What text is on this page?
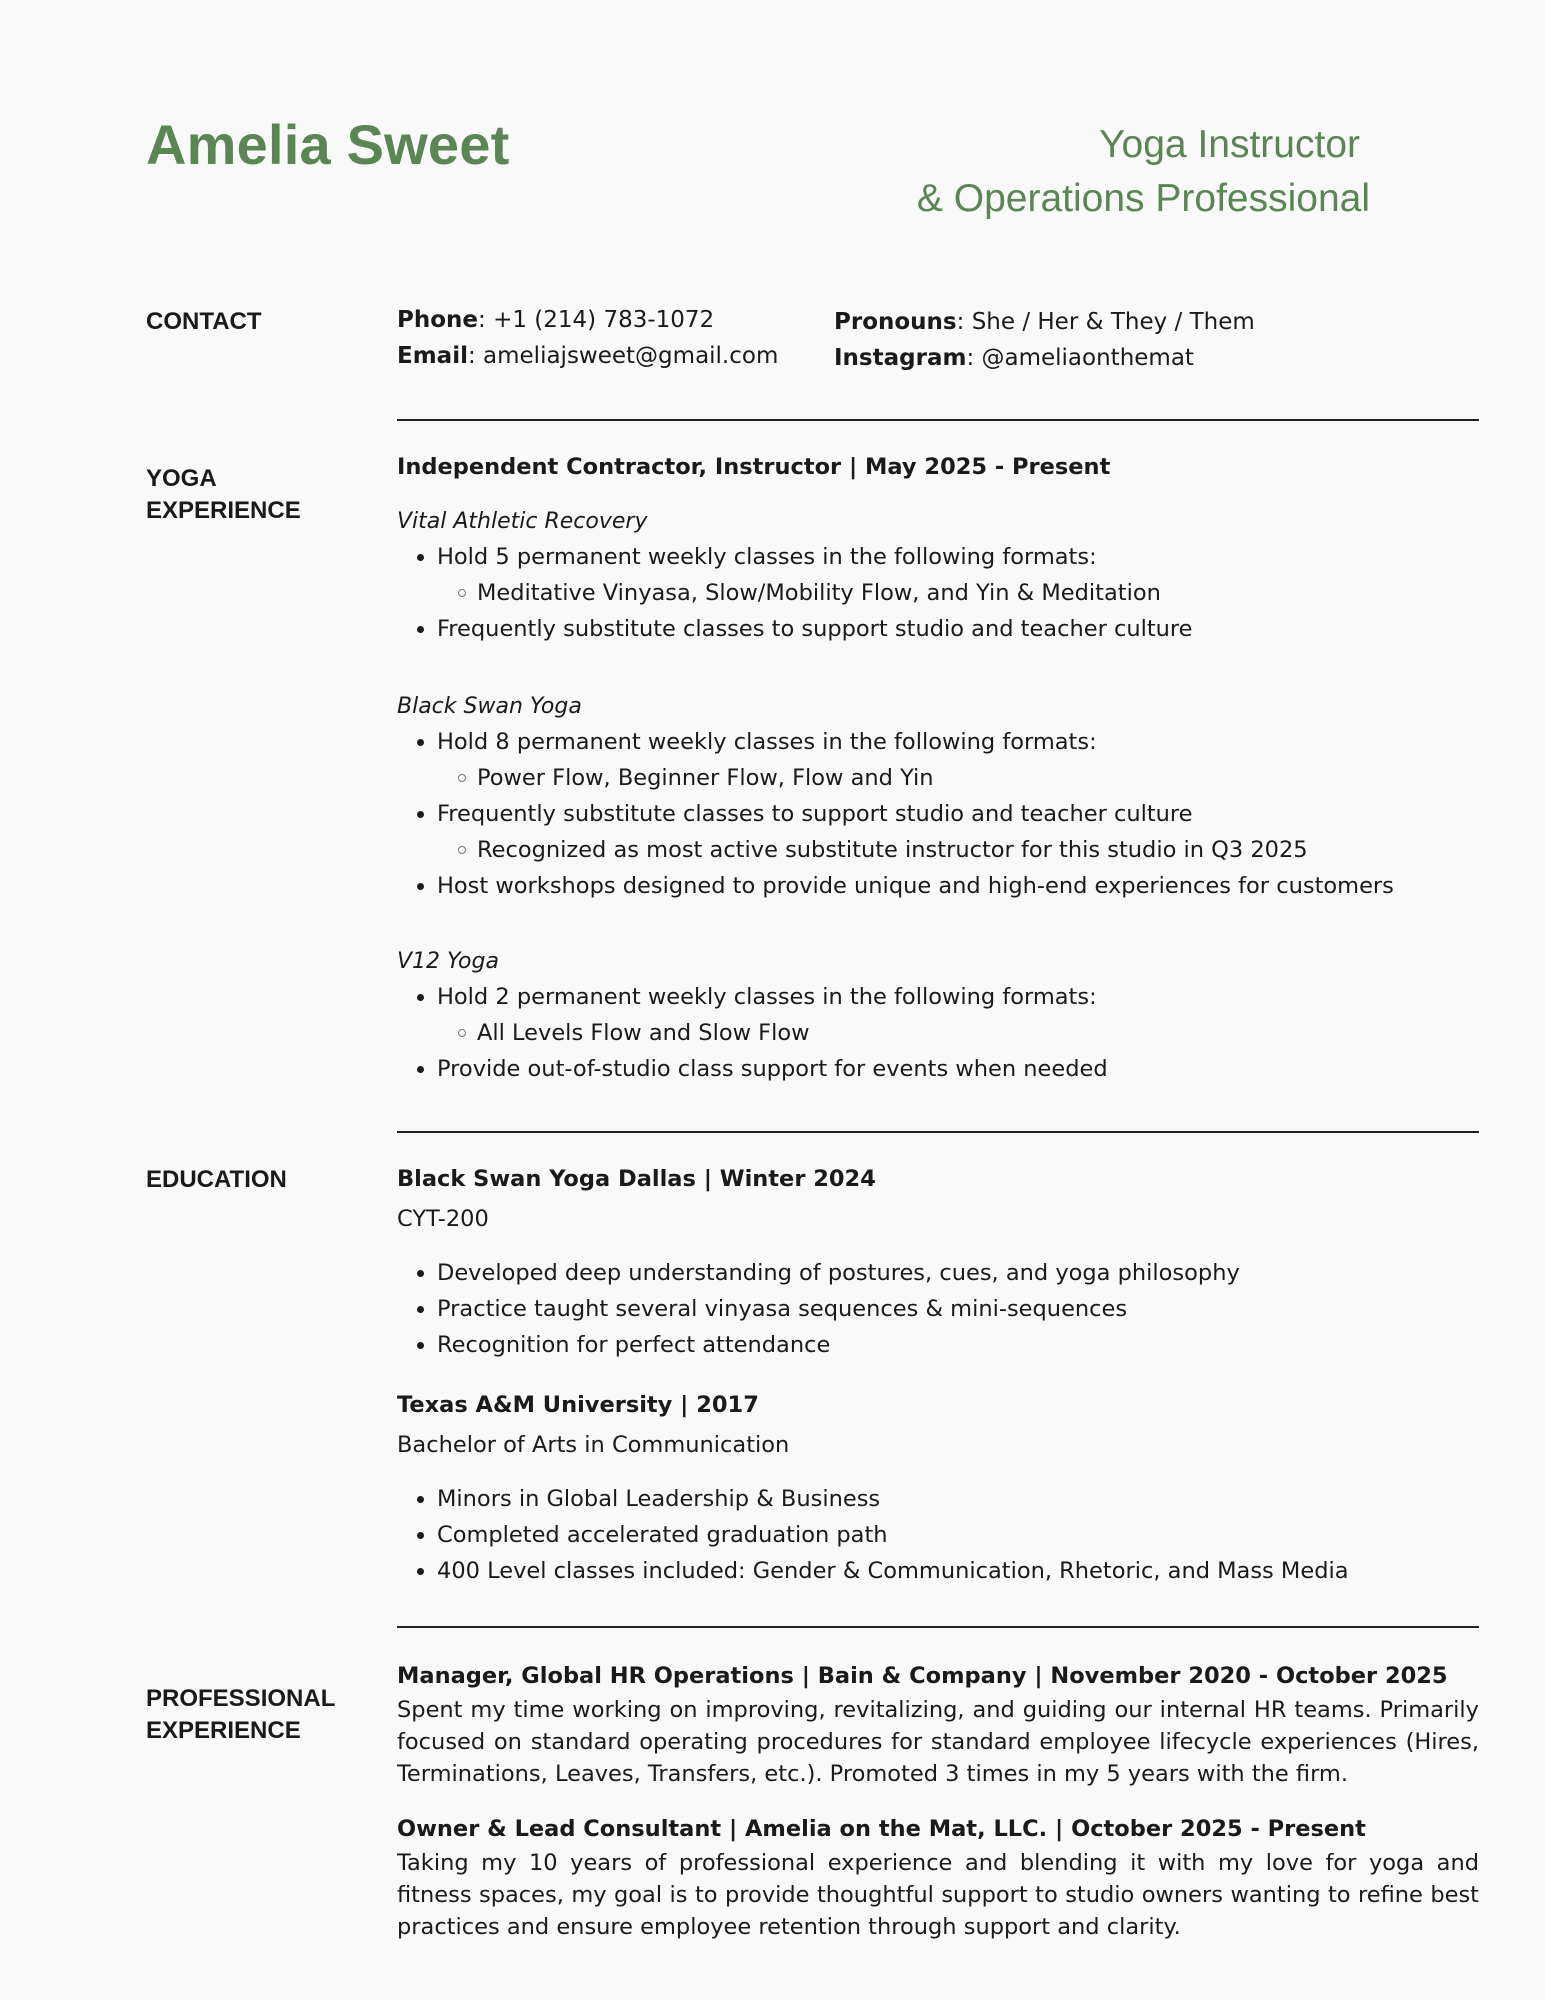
Amelia Sweet	Yoga Instructor
& Operations Professional
CONTACT	Phone: +1 (214) 783-1072
Email: ameliajsweet@gmail.com
Pronouns: She / Her & They / Them
Instagram: @ameliaonthemat
YOGA
EXPERIENCE

Independent Contractor, Instructor | May 2025 - Present

Vital Athletic Recovery

Hold 5 permanent weekly classes in the following formats:
Meditative Vinyasa, Slow/Mobility Flow, and Yin & Meditation
Frequently substitute classes to support studio and teacher culture

Black Swan Yoga

Hold 8 permanent weekly classes in the following formats:
Power Flow, Beginner Flow, Flow and Yin
Frequently substitute classes to support studio and teacher culture
Recognized as most active substitute instructor for this studio in Q3 2025
Host workshops designed to provide unique and high-end experiences for customers

V12 Yoga

Hold 2 permanent weekly classes in the following formats:
All Levels Flow and Slow Flow
Provide out-of-studio class support for events when needed
EDUCATION	Black Swan Yoga Dallas | Winter 2024

CYT-200

Developed deep understanding of postures, cues, and yoga philosophy
Practice taught several vinyasa sequences & mini-sequences
Recognition for perfect attendance

Texas A&M University | 2017

Bachelor of Arts in Communication

Minors in Global Leadership & Business
Completed accelerated graduation path
400 Level classes included: Gender & Communication, Rhetoric, and Mass Media
PROFESSIONAL
EXPERIENCE

Manager, Global HR Operations | Bain & Company | November 2020 - October 2025

Spent my time working on improving, revitalizing, and guiding our internal HR teams. Primarily focused on standard operating procedures for standard employee lifecycle experiences (Hires, Terminations, Leaves, Transfers, etc.). Promoted 3 times in my 5 years with the firm.

Owner & Lead Consultant | Amelia on the Mat, LLC. | October 2025 - Present

Taking my 10 years of professional experience and blending it with my love for yoga and fitness spaces, my goal is to provide thoughtful support to studio owners wanting to refine best practices and ensure employee retention through support and clarity.
